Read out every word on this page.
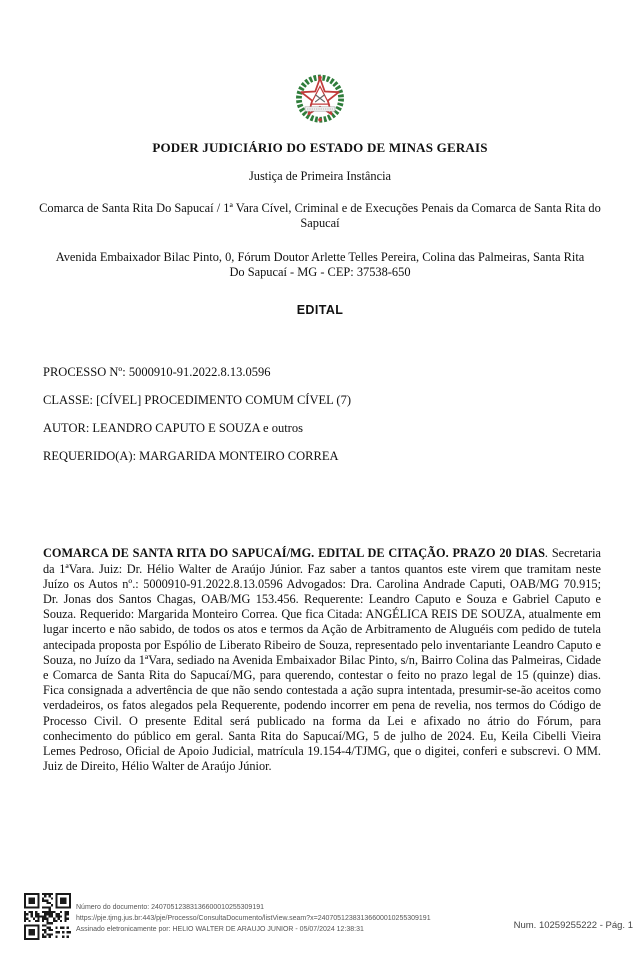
PODER JUDICIÁRIO DO ESTADO DE MINAS GERAIS
Justiça de Primeira Instância
Comarca de Santa Rita Do Sapucaí / 1ª Vara Cível, Criminal e de Execuções Penais da Comarca de Santa Rita do Sapucaí
Avenida Embaixador Bilac Pinto, 0, Fórum Doutor Arlette Telles Pereira, Colina das Palmeiras, Santa Rita Do Sapucaí - MG - CEP: 37538-650
EDITAL

PROCESSO Nº: 5000910-91.2022.8.13.0596

CLASSE: [CÍVEL] PROCEDIMENTO COMUM CÍVEL (7)

AUTOR: LEANDRO CAPUTO E SOUZA e outros

REQUERIDO(A): MARGARIDA MONTEIRO CORREA

COMARCA DE SANTA RITA DO SAPUCAÍ/MG. EDITAL DE CITAÇÃO. PRAZO 20 DIAS. Secretaria da 1ªVara. Juiz: Dr. Hélio Walter de Araújo Júnior. Faz saber a tantos quantos este virem que tramitam neste Juízo os Autos nº.: 5000910-91.2022.8.13.0596 Advogados: Dra. Carolina Andrade Caputi, OAB/MG 70.915; Dr. Jonas dos Santos Chagas, OAB/MG 153.456. Requerente: Leandro Caputo e Souza e Gabriel Caputo e Souza. Requerido: Margarida Monteiro Correa. Que fica Citada: ANGÉLICA REIS DE SOUZA, atualmente em lugar incerto e não sabido, de todos os atos e termos da Ação de Arbitramento de Aluguéis com pedido de tutela antecipada proposta por Espólio de Liberato Ribeiro de Souza, representado pelo inventariante Leandro Caputo e Souza, no Juízo da 1ªVara, sediado na Avenida Embaixador Bilac Pinto, s/n, Bairro Colina das Palmeiras, Cidade e Comarca de Santa Rita do Sapucaí/MG, para querendo, contestar o feito no prazo legal de 15 (quinze) dias. Fica consignada a advertência de que não sendo contestada a ação supra intentada, presumir-se-ão aceitos como verdadeiros, os fatos alegados pela Requerente, podendo incorrer em pena de revelia, nos termos do Código de Processo Civil. O presente Edital será publicado na forma da Lei e afixado no átrio do Fórum, para conhecimento do público em geral. Santa Rita do Sapucaí/MG, 5 de julho de 2024. Eu, Keila Cibelli Vieira Lemes Pedroso, Oficial de Apoio Judicial, matrícula 19.154-4/TJMG, que o digitei, conferi e subscrevi. O MM. Juiz de Direito, Hélio Walter de Araújo Júnior.

Número do documento: 24070512383136600010255309191
https://pje.tjmg.jus.br:443/pje/Processo/ConsultaDocumento/listView.seam?x=24070512383136600010255309191
Assinado eletronicamente por: HELIO WALTER DE ARAUJO JUNIOR - 05/07/2024 12:38:31	Num. 10259255222 - Pág. 1
